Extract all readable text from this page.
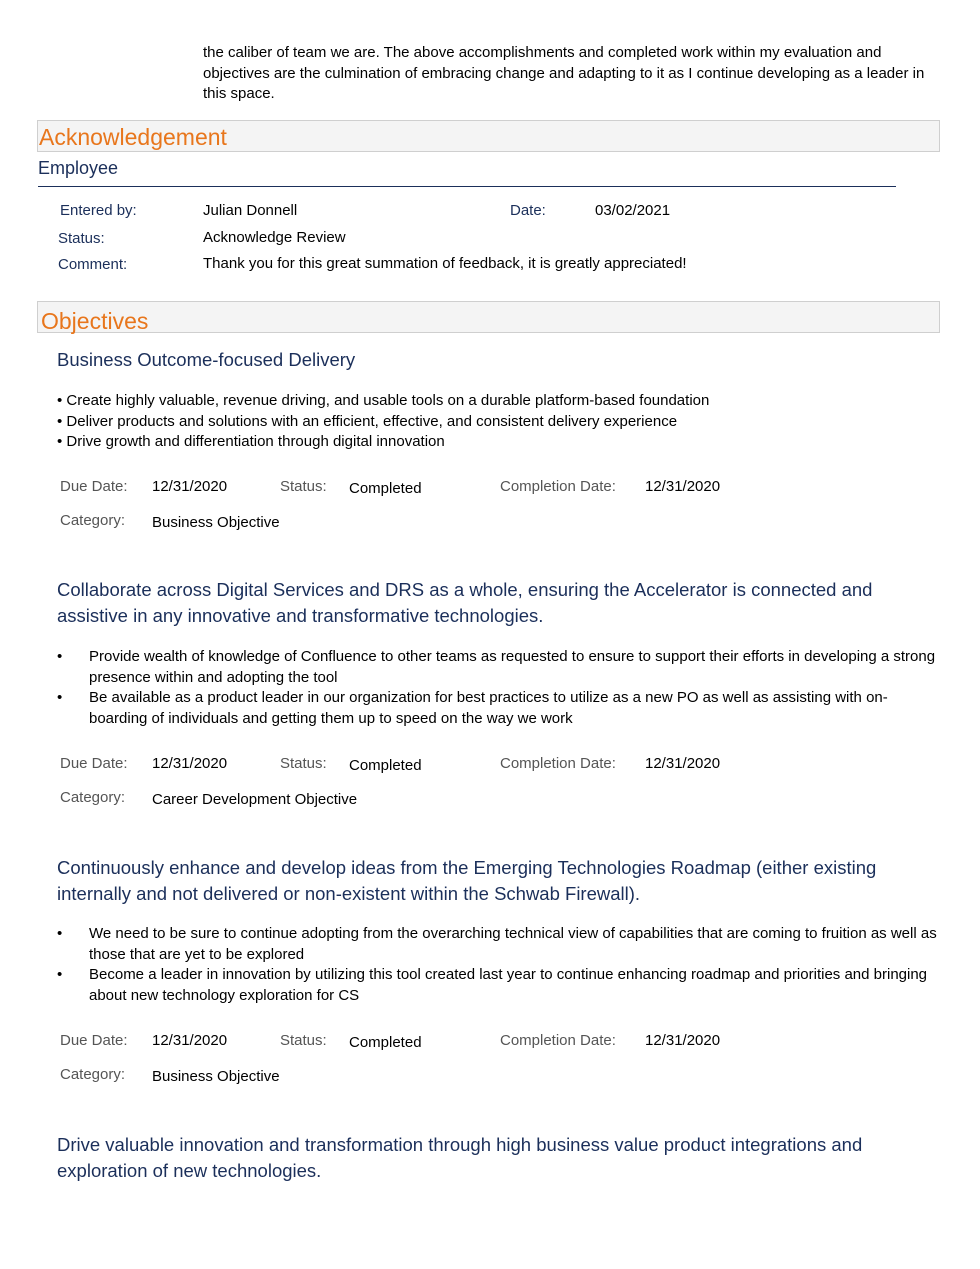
the caliber of team we are. The above accomplishments and completed work within my evaluation and objectives are the culmination of embracing change and adapting to it as I continue developing as a leader in this space.
Acknowledgement
Employee
Entered by:	Julian Donnell	Date:	03/02/2021
Status:	Acknowledge Review
Comment:	Thank you for this great summation of feedback, it is greatly appreciated!
Objectives
Business Outcome-focused Delivery
• Create highly valuable, revenue driving, and usable tools on a durable platform-based foundation
• Deliver products and solutions with an efficient, effective, and consistent delivery experience
• Drive growth and differentiation through digital innovation
Due Date: 12/31/2020	Status: Completed	Completion Date: 12/31/2020
Category: Business Objective
Collaborate across Digital Services and DRS as a whole, ensuring the Accelerator is connected and assistive in any innovative and transformative technologies.
• Provide wealth of knowledge of Confluence to other teams as requested to ensure to support their efforts in developing a strong presence within and adopting the tool
• Be available as a product leader in our organization for best practices to utilize as a new PO as well as assisting with on-boarding of individuals and getting them up to speed on the way we work
Due Date: 12/31/2020	Status: Completed	Completion Date: 12/31/2020
Category: Career Development Objective
Continuously enhance and develop ideas from the Emerging Technologies Roadmap (either existing internally and not delivered or non-existent within the Schwab Firewall).
• We need to be sure to continue adopting from the overarching technical view of capabilities that are coming to fruition as well as those that are yet to be explored
• Become a leader in innovation by utilizing this tool created last year to continue enhancing roadmap and priorities and bringing about new technology exploration for CS
Due Date: 12/31/2020	Status: Completed	Completion Date: 12/31/2020
Category: Business Objective
Drive valuable innovation and transformation through high business value product integrations and exploration of new technologies.
